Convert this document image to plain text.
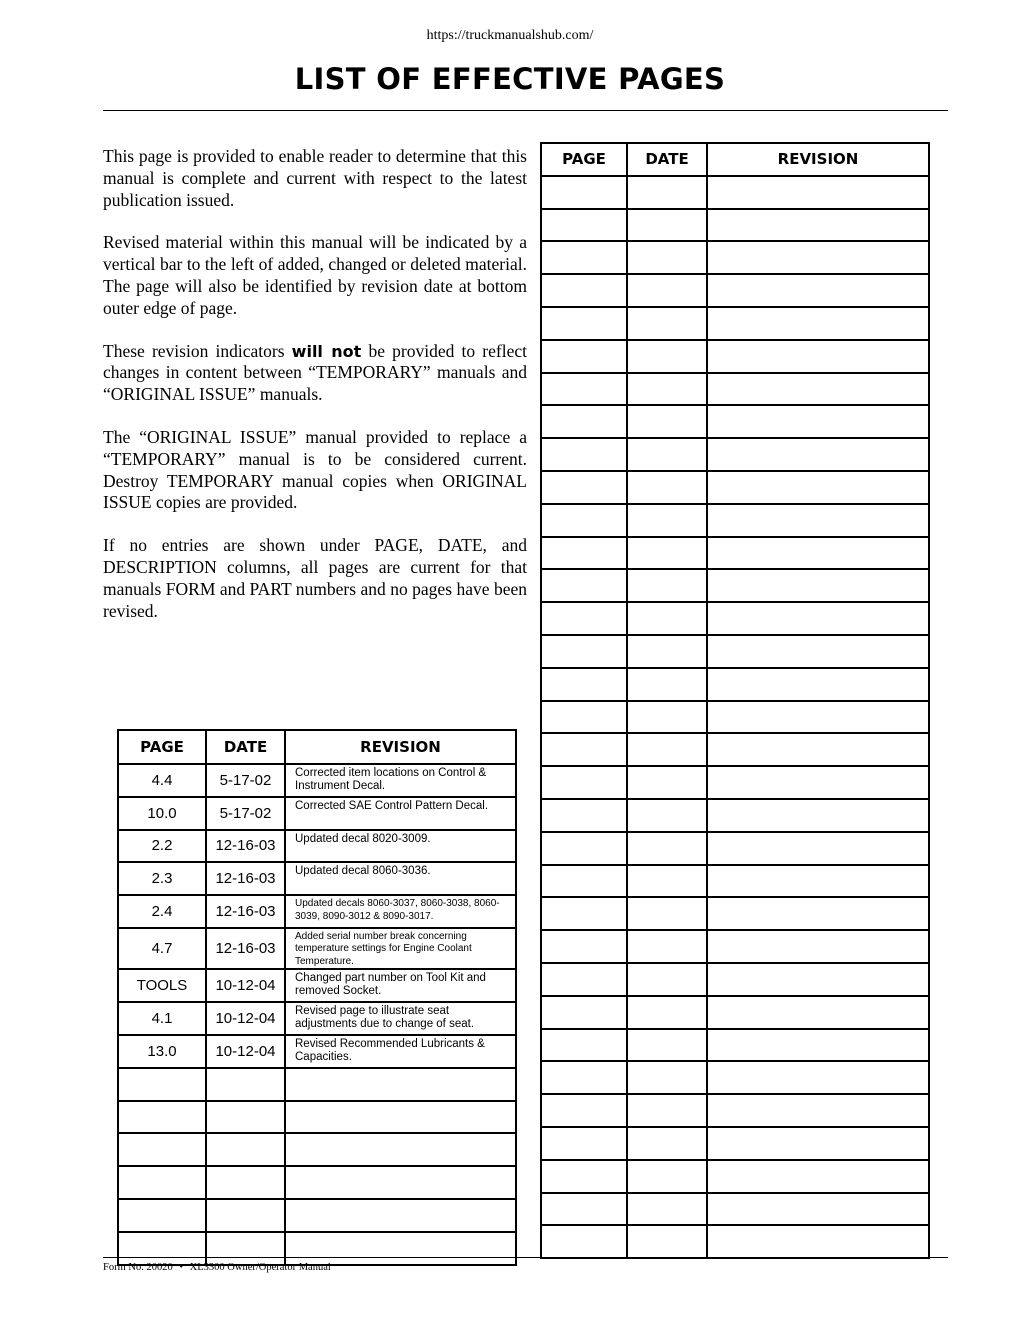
https://truckmanualshub.com/
LIST OF EFFECTIVE PAGES

This page is provided to enable reader to determine that this manual is complete and current with respect to the latest publication issued.

Revised material within this manual will be indicated by a vertical bar to the left of added, changed or deleted material. The page will also be identified by revision date at bottom outer edge of page.

These revision indicators will not be provided to reflect changes in content between “TEMPORARY” manuals and “ORIGINAL ISSUE” manuals.

The “ORIGINAL ISSUE” manual provided to replace a “TEMPORARY” manual is to be considered current. Destroy TEMPORARY manual copies when ORIGINAL ISSUE copies are provided.

If no entries are shown under PAGE, DATE, and DESCRIPTION columns, all pages are current for that manuals FORM and PART numbers and no pages have been revised.

PAGE	DATE	REVISION
4.4	5-17-02	Corrected item locations on Control & Instrument Decal.
10.0	5-17-02	Corrected SAE Control Pattern Decal.
2.2	12-16-03	Updated decal 8020-3009.
2.3	12-16-03	Updated decal 8060-3036.
2.4	12-16-03	Updated decals 8060-3037, 8060-3038, 8060-3039, 8090-3012 & 8090-3017.
4.7	12-16-03	Added serial number break concerning temperature settings for Engine Coolant Temperature.
TOOLS	10-12-04	Changed part number on Tool Kit and removed Socket.
4.1	10-12-04	Revised page to illustrate seat adjustments due to change of seat.
13.0	10-12-04	Revised Recommended Lubricants & Capacities.

PAGE	DATE	REVISION

Form No. 20020 • XL3300 Owner/Operator Manual
